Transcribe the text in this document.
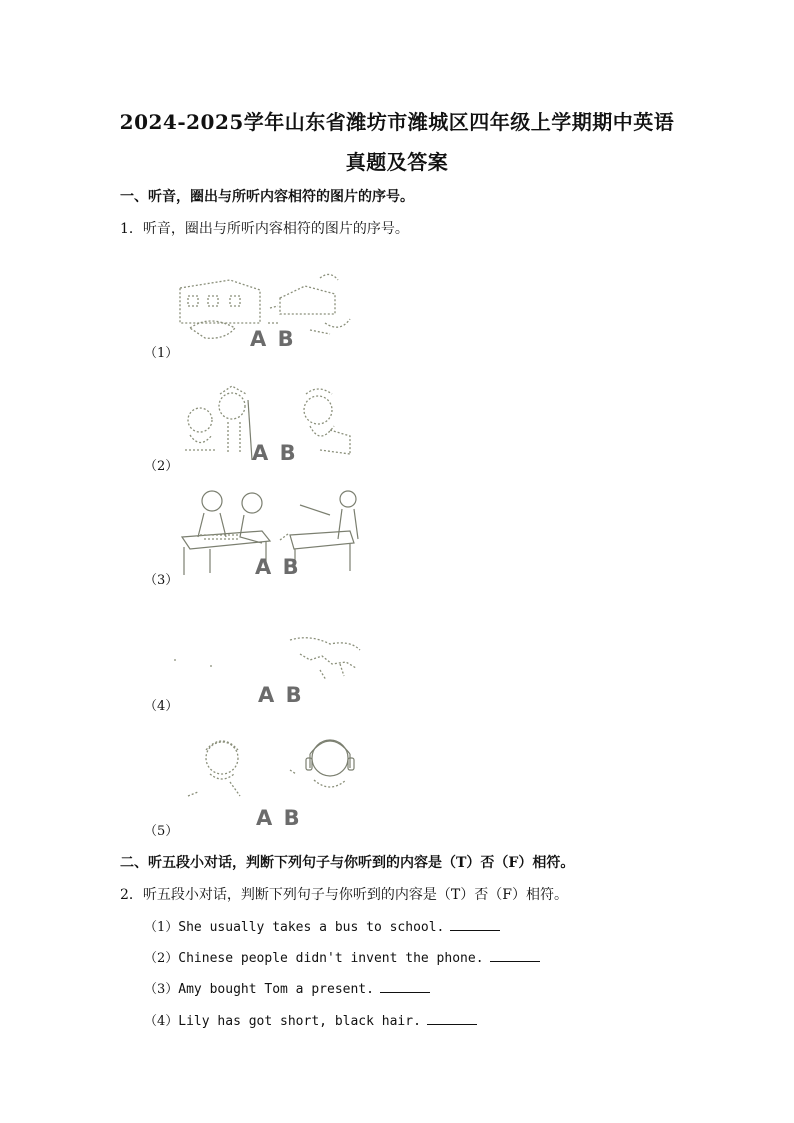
2024-2025学年山东省潍坊市潍城区四年级上学期期中英语
真题及答案
一、听音，圈出与所听内容相符的图片的序号。
1．听音，圈出与所听内容相符的图片的序号。
（1）
A B
（2）
A B
（3）
A B
（4）	A B
（5）
A B
二、听五段小对话，判断下列句子与你听到的内容是（T）否（F）相符。
2．听五段小对话，判断下列句子与你听到的内容是（T）否（F）相符。
（1）She usually takes a bus to school.
（2）Chinese people didn't invent the phone.
（3）Amy bought Tom a present.
（4）Lily has got short, black hair.
